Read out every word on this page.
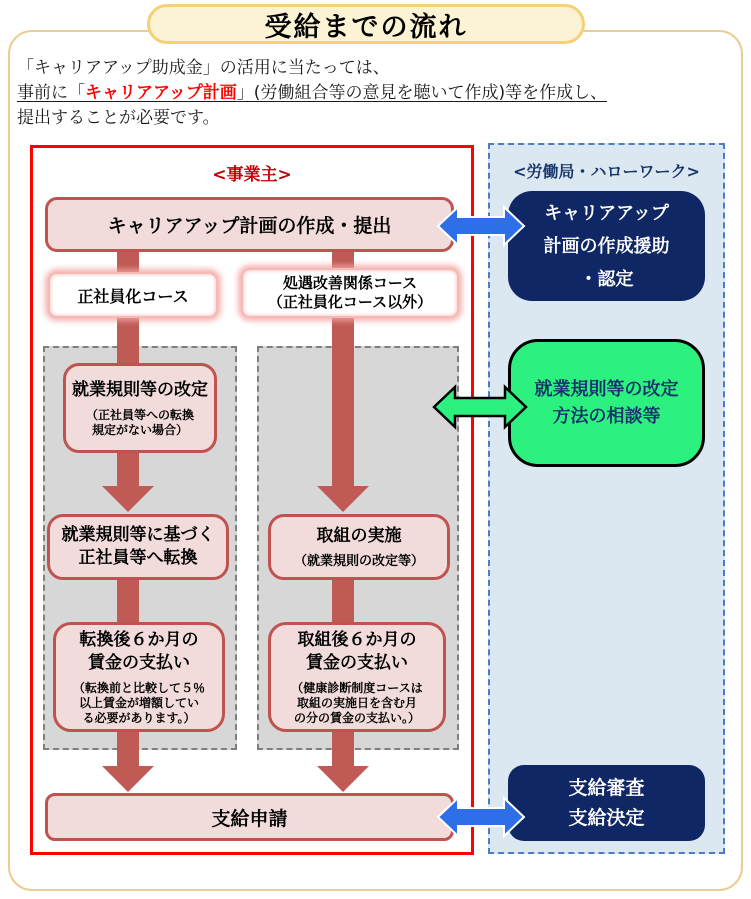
受給までの流れ
「キャリアアップ助成金」の活用に当たっては、
事前に「キャリアアップ計画」(労働組合等の意見を聴いて作成)等を作成し、
提出することが必要です。
<事業主>
キャリアアップ計画の作成・提出
正社員化コース
処遇改善関係コース
（正社員化コース以外）
就業規則等の改定
（正社員等への転換
規定がない場合）
就業規則等に基づく
正社員等へ転換
転換後６か月の
賃金の支払い
（転換前と比較して５％
以上賃金が増額してい
る必要があります。）
取組の実施
（就業規則の改定等）
取組後６か月の
賃金の支払い
（健康診断制度コースは
取組の実施日を含む月
の分の賃金の支払い。）
支給申請
<労働局・ハローワーク>
キャリアアップ
計画の作成援助
・認定
就業規則等の改定
方法の相談等
支給審査
支給決定
